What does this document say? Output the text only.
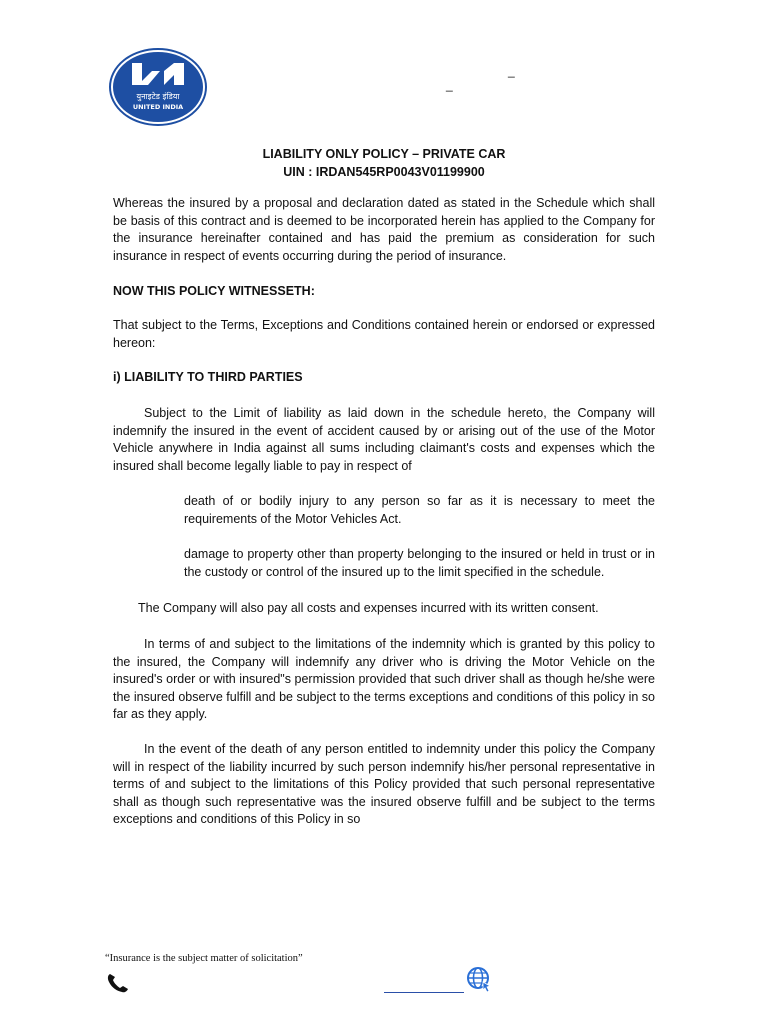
युनाइटेड इंडिया
UNITED INDIA
_
_
LIABILITY ONLY POLICY – PRIVATE CAR
UIN : IRDAN545RP0043V01199900

Whereas the insured by a proposal and declaration dated as stated in the Schedule which shall be basis of this contract and is deemed to be incorporated herein has applied to the Company for the insurance hereinafter contained and has paid the premium as consideration for such insurance in respect of events occurring during the period of insurance.

NOW THIS POLICY WITNESSETH:

That subject to the Terms, Exceptions and Conditions contained herein or endorsed or expressed hereon:

i) LIABILITY TO THIRD PARTIES

Subject to the Limit of liability as laid down in the schedule hereto, the Company will indemnify the insured in the event of accident caused by or arising out of the use of the Motor Vehicle anywhere in India against all sums including claimant's costs and expenses which the insured shall become legally liable to pay in respect of

death of or bodily injury to any person so far as it is necessary to meet the requirements of the Motor Vehicles Act.

damage to property other than property belonging to the insured or held in trust or in the custody or control of the insured up to the limit specified in the schedule.

The Company will also pay all costs and expenses incurred with its written consent.

In terms of and subject to the limitations of the indemnity which is granted by this policy to the insured, the Company will indemnify any driver who is driving the Motor Vehicle on the insured's order or with insured"s permission provided that such driver shall as though he/she were the insured observe fulfill and be subject to the terms exceptions and conditions of this policy in so far as they apply.

In the event of the death of any person entitled to indemnity under this policy the Company will in respect of the liability incurred by such person indemnify his/her personal representative in terms of and subject to the limitations of this Policy provided that such personal representative shall as though such representative was the insured observe fulfill and be subject to the terms exceptions and conditions of this Policy in so

“Insurance is the subject matter of solicitation”
